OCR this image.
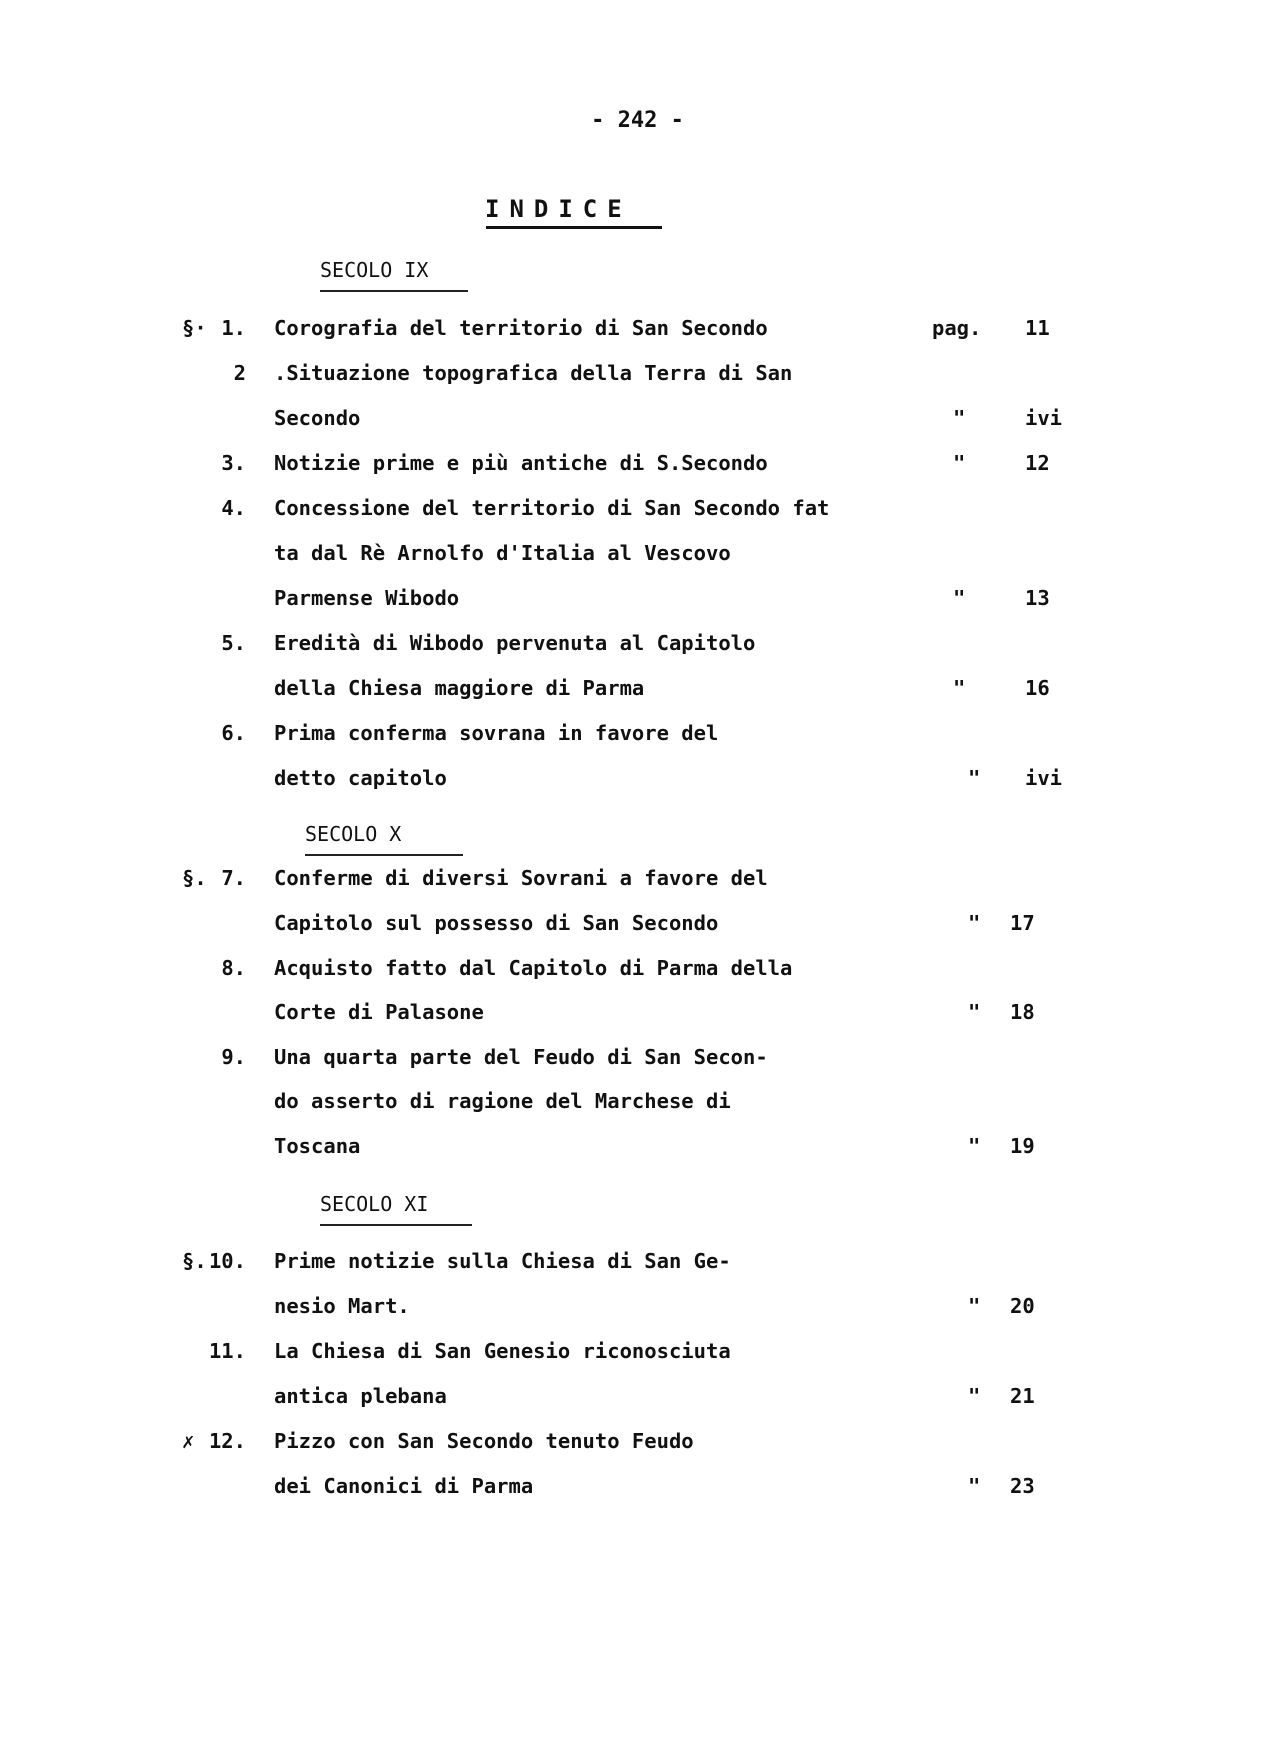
- 242 -
INDICE
SECOLO IX
SECOLO X
SECOLO XI
§· 1. Corografia del territorio di San Secondo	pag. 11
2 .Situazione topografica della Terra di San
Secondo	"	ivi
3. Notizie prime e più antiche di S.Secondo	"	12
4. Concessione del territorio di San Secondo fat
ta dal Rè Arnolfo d'Italia al Vescovo
Parmense Wibodo	"	13
5. Eredità di Wibodo pervenuta al Capitolo
della Chiesa maggiore di Parma	"	16
6. Prima conferma sovrana in favore del
detto capitolo	" ivi
§. 7. Conferme di diversi Sovrani a favore del
Capitolo sul possesso di San Secondo	" 17
8. Acquisto fatto dal Capitolo di Parma della
Corte di Palasone	" 18
9. Una quarta parte del Feudo di San Secon-
do asserto di ragione del Marchese di
Toscana	" 19
§. 10. Prime notizie sulla Chiesa di San Ge-
nesio Mart.	" 20
11. La Chiesa di San Genesio riconosciuta
antica plebana	" 21
✗ 12. Pizzo con San Secondo tenuto Feudo
dei Canonici di Parma	" 23
